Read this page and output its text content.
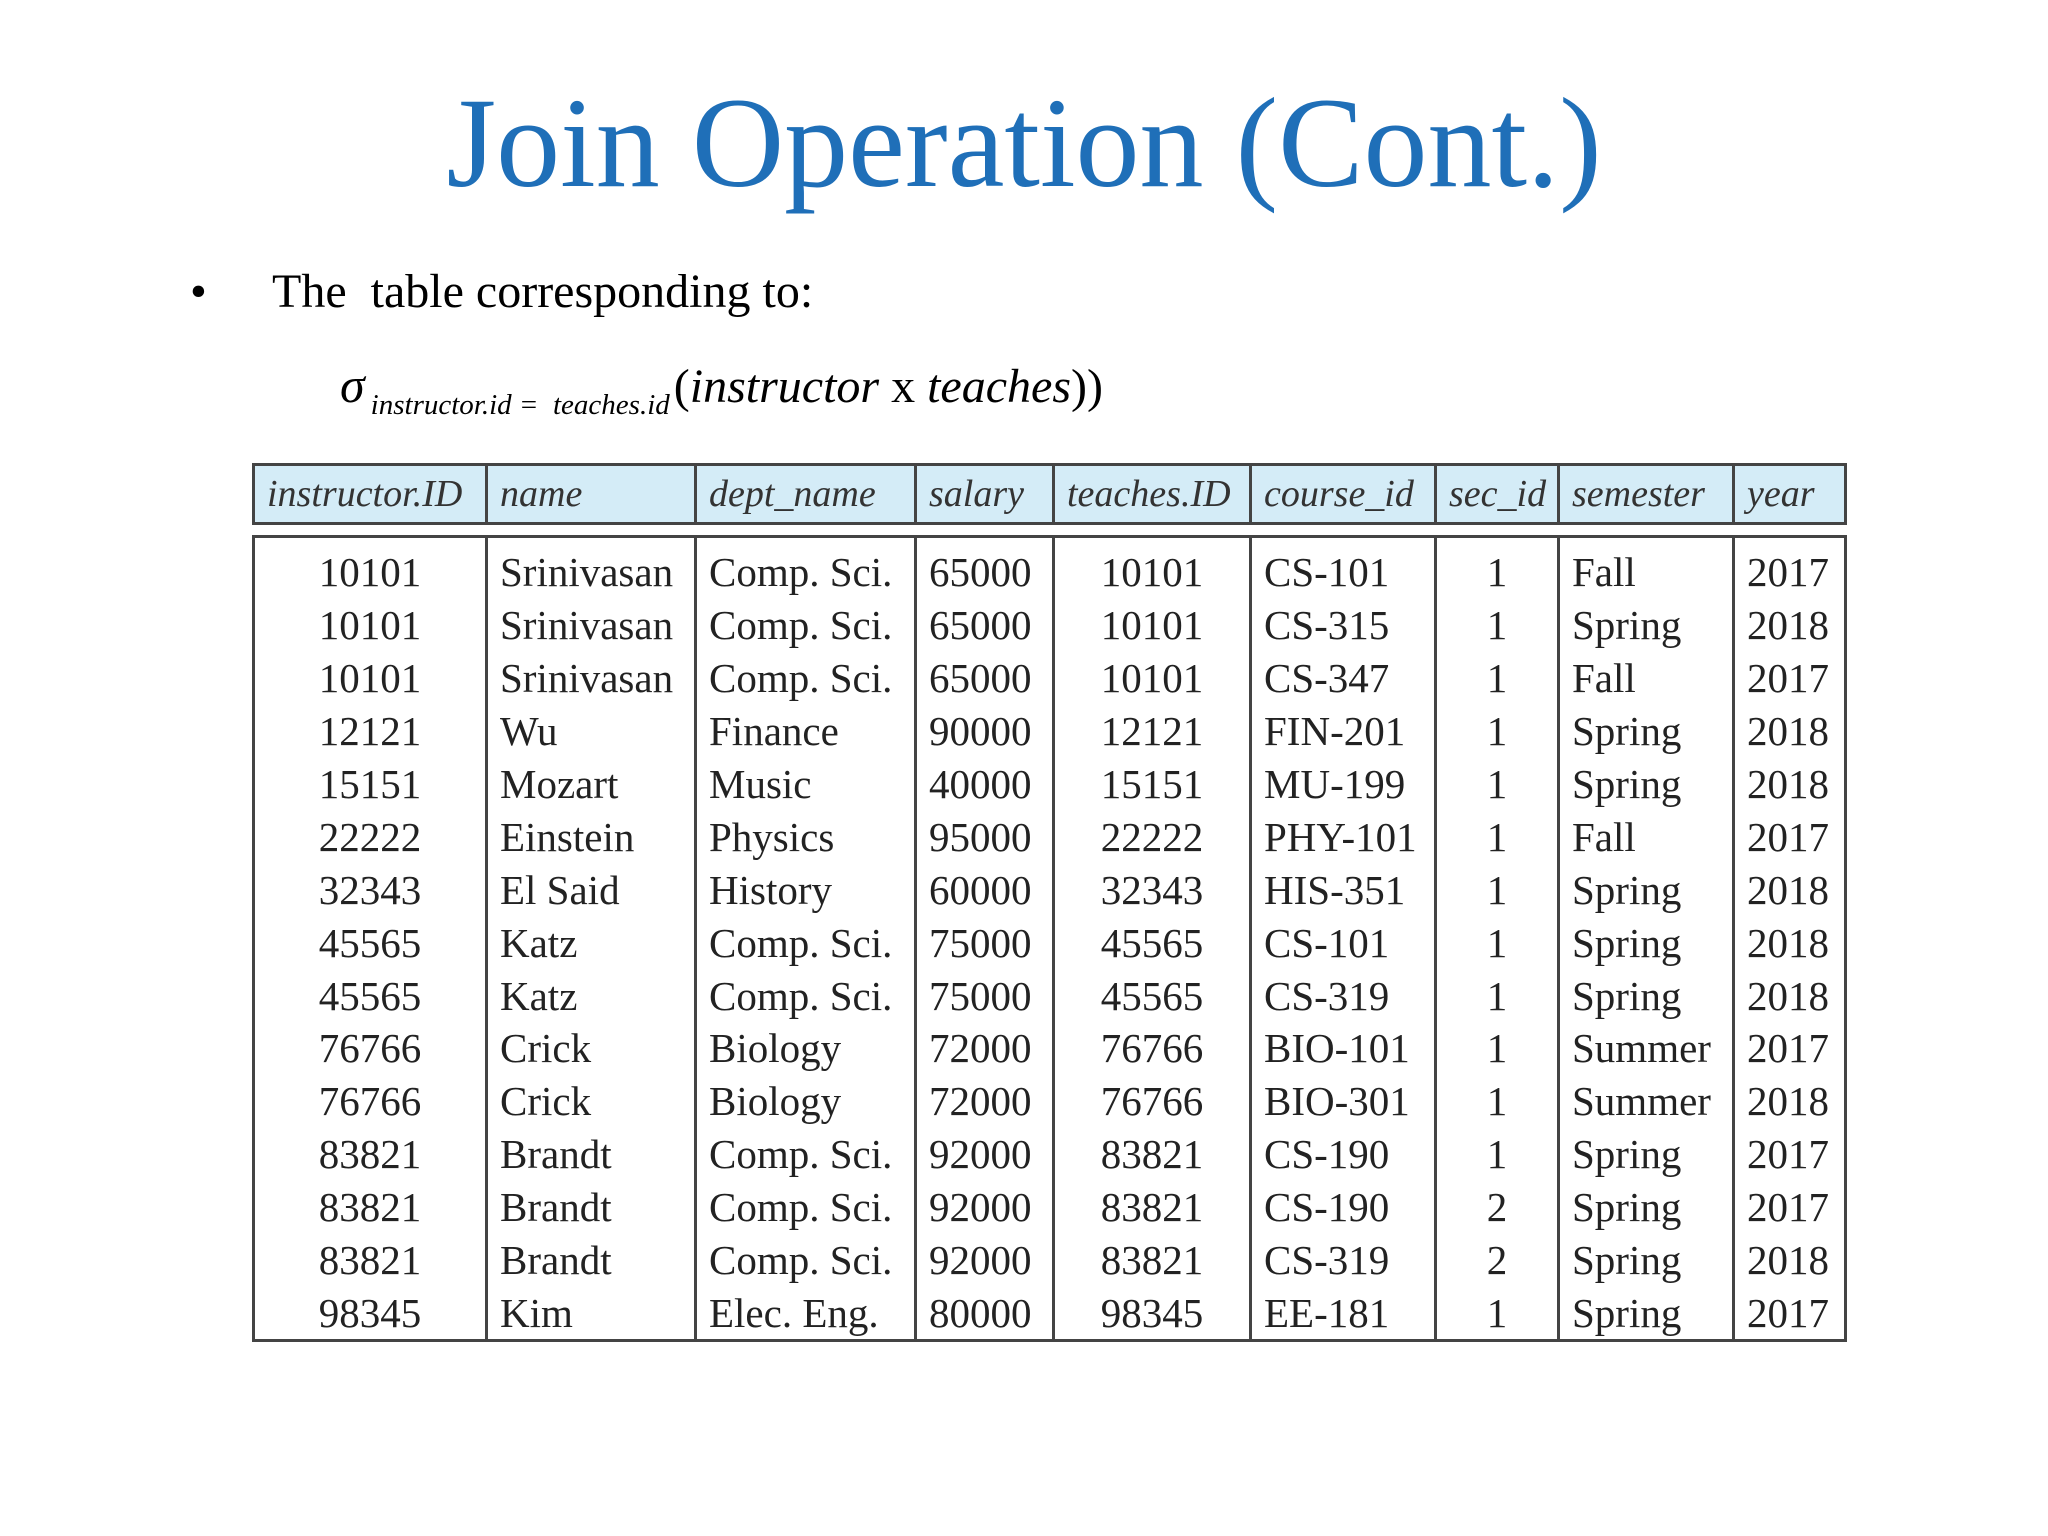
Join Operation (Cont.)
• The  table corresponding to:
σ $_{instructor.id = teaches.id}$(instructor x teaches))
instructor.ID	name	dept_name	salary	teaches.ID	course_id	sec_id	semester	year

10101	Srinivasan	Comp. Sci.	65000	10101	CS-101	1	Fall	2017
10101	Srinivasan	Comp. Sci.	65000	10101	CS-315	1	Spring	2018
10101	Srinivasan	Comp. Sci.	65000	10101	CS-347	1	Fall	2017
12121	Wu	Finance	90000	12121	FIN-201	1	Spring	2018
15151	Mozart	Music	40000	15151	MU-199	1	Spring	2018
22222	Einstein	Physics	95000	22222	PHY-101	1	Fall	2017
32343	El Said	History	60000	32343	HIS-351	1	Spring	2018
45565	Katz	Comp. Sci.	75000	45565	CS-101	1	Spring	2018
45565	Katz	Comp. Sci.	75000	45565	CS-319	1	Spring	2018
76766	Crick	Biology	72000	76766	BIO-101	1	Summer	2017
76766	Crick	Biology	72000	76766	BIO-301	1	Summer	2018
83821	Brandt	Comp. Sci.	92000	83821	CS-190	1	Spring	2017
83821	Brandt	Comp. Sci.	92000	83821	CS-190	2	Spring	2017
83821	Brandt	Comp. Sci.	92000	83821	CS-319	2	Spring	2018
98345	Kim	Elec. Eng.	80000	98345	EE-181	1	Spring	2017
